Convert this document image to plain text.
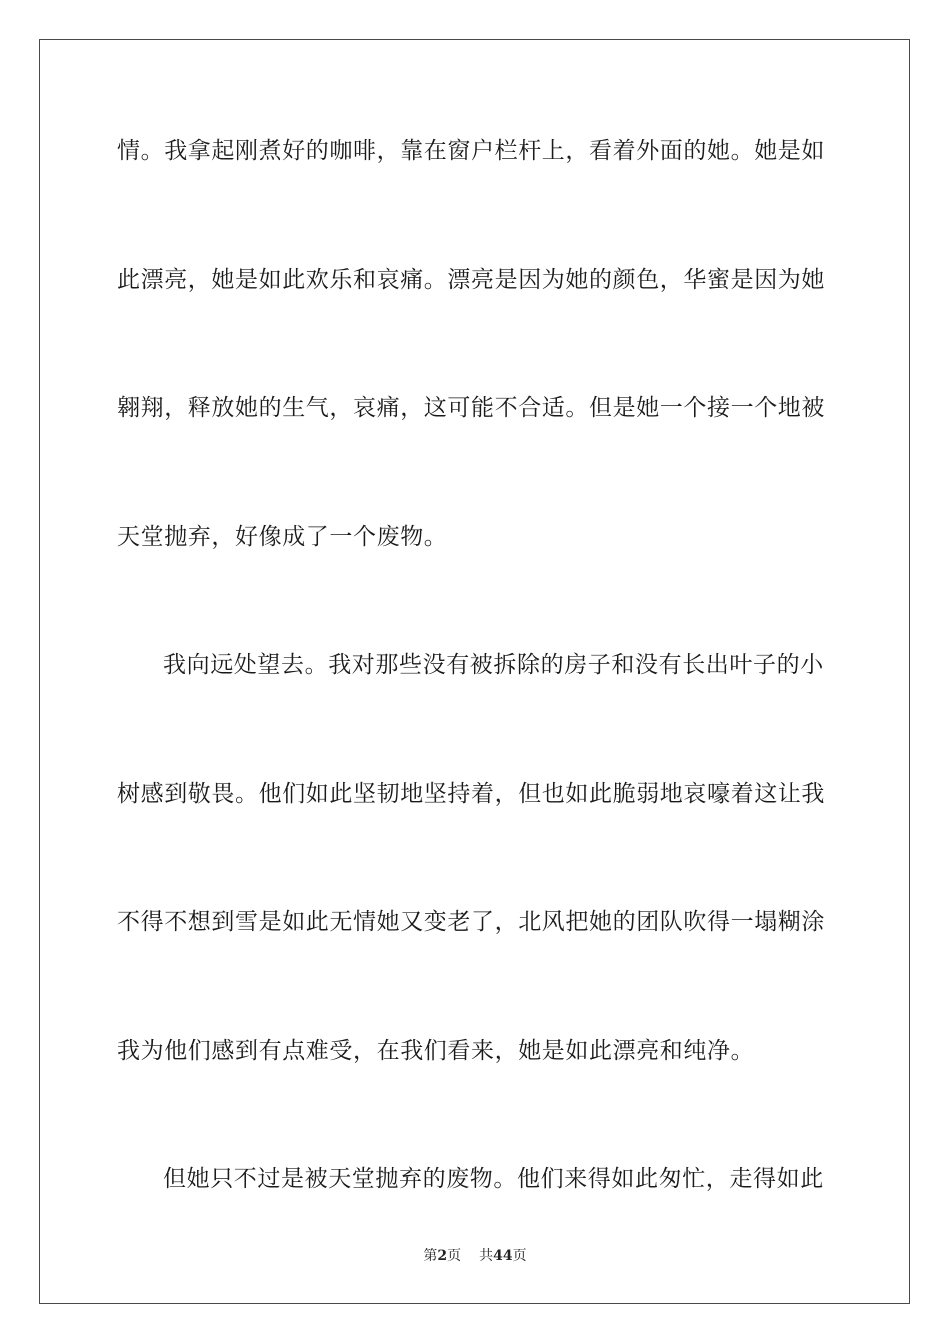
情。我拿起刚煮好的咖啡，靠在窗户栏杆上，看着外面的她。她是如
此漂亮，她是如此欢乐和哀痛。漂亮是因为她的颜色，华蜜是因为她
翱翔，释放她的生气，哀痛，这可能不合适。但是她一个接一个地被
天堂抛弃，好像成了一个废物。
我向远处望去。我对那些没有被拆除的房子和没有长出叶子的小
树感到敬畏。他们如此坚韧地坚持着，但也如此脆弱地哀嚎着这让我
不得不想到雪是如此无情她又变老了，北风把她的团队吹得一塌糊涂
我为他们感到有点难受，在我们看来，她是如此漂亮和纯净。
但她只不过是被天堂抛弃的废物。他们来得如此匆忙，走得如此
第2页 共44页
